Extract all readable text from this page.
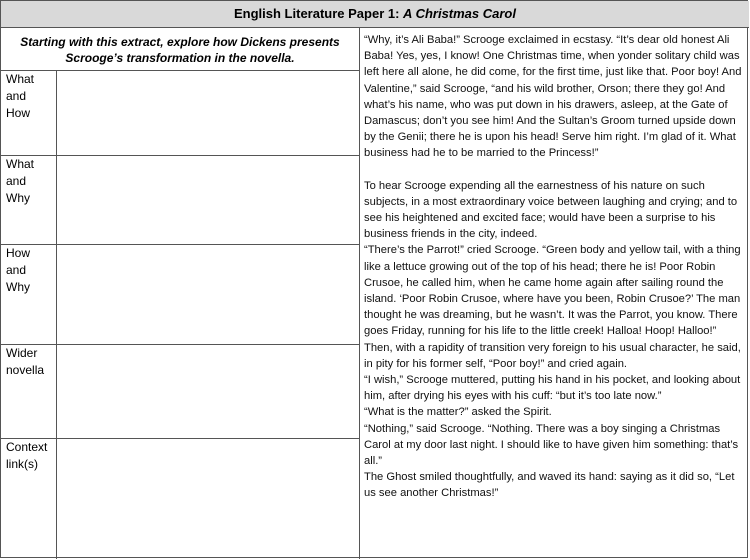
English Literature Paper 1: A Christmas Carol
Starting with this extract, explore how Dickens presents
Scrooge’s transformation in the novella.
What
and
How
What
and
Why
How
and
Why
Wider
novella
Context
link(s)

“Why, it’s Ali Baba!” Scrooge exclaimed in ecstasy. “It’s dear old honest Ali Baba! Yes, yes, I know! One Christmas time, when yonder solitary child was left here all alone, he did come, for the first time, just like that. Poor boy! And Valentine,” said Scrooge, “and his wild brother, Orson; there they go! And what’s his name, who was put down in his drawers, asleep, at the Gate of Damascus; don’t you see him! And the Sultan’s Groom turned upside down by the Genii; there he is upon his head! Serve him right. I’m glad of it. What business had he to be married to the Princess!”

To hear Scrooge expending all the earnestness of his nature on such subjects, in a most extraordinary voice between laughing and crying; and to see his heightened and excited face; would have been a surprise to his business friends in the city, indeed.

“There’s the Parrot!” cried Scrooge. “Green body and yellow tail, with a thing like a lettuce growing out of the top of his head; there he is! Poor Robin Crusoe, he called him, when he came home again after sailing round the island. ‘Poor Robin Crusoe, where have you been, Robin Crusoe?’ The man thought he was dreaming, but he wasn’t. It was the Parrot, you know. There goes Friday, running for his life to the little creek! Halloa! Hoop! Halloo!”

Then, with a rapidity of transition very foreign to his usual character, he said, in pity for his former self, “Poor boy!” and cried again.

“I wish,” Scrooge muttered, putting his hand in his pocket, and looking about him, after drying his eyes with his cuff: “but it’s too late now.”

“What is the matter?” asked the Spirit.

“Nothing,” said Scrooge. “Nothing. There was a boy singing a Christmas Carol at my door last night. I should like to have given him something: that’s all.”

The Ghost smiled thoughtfully, and waved its hand: saying as it did so, “Let us see another Christmas!”
